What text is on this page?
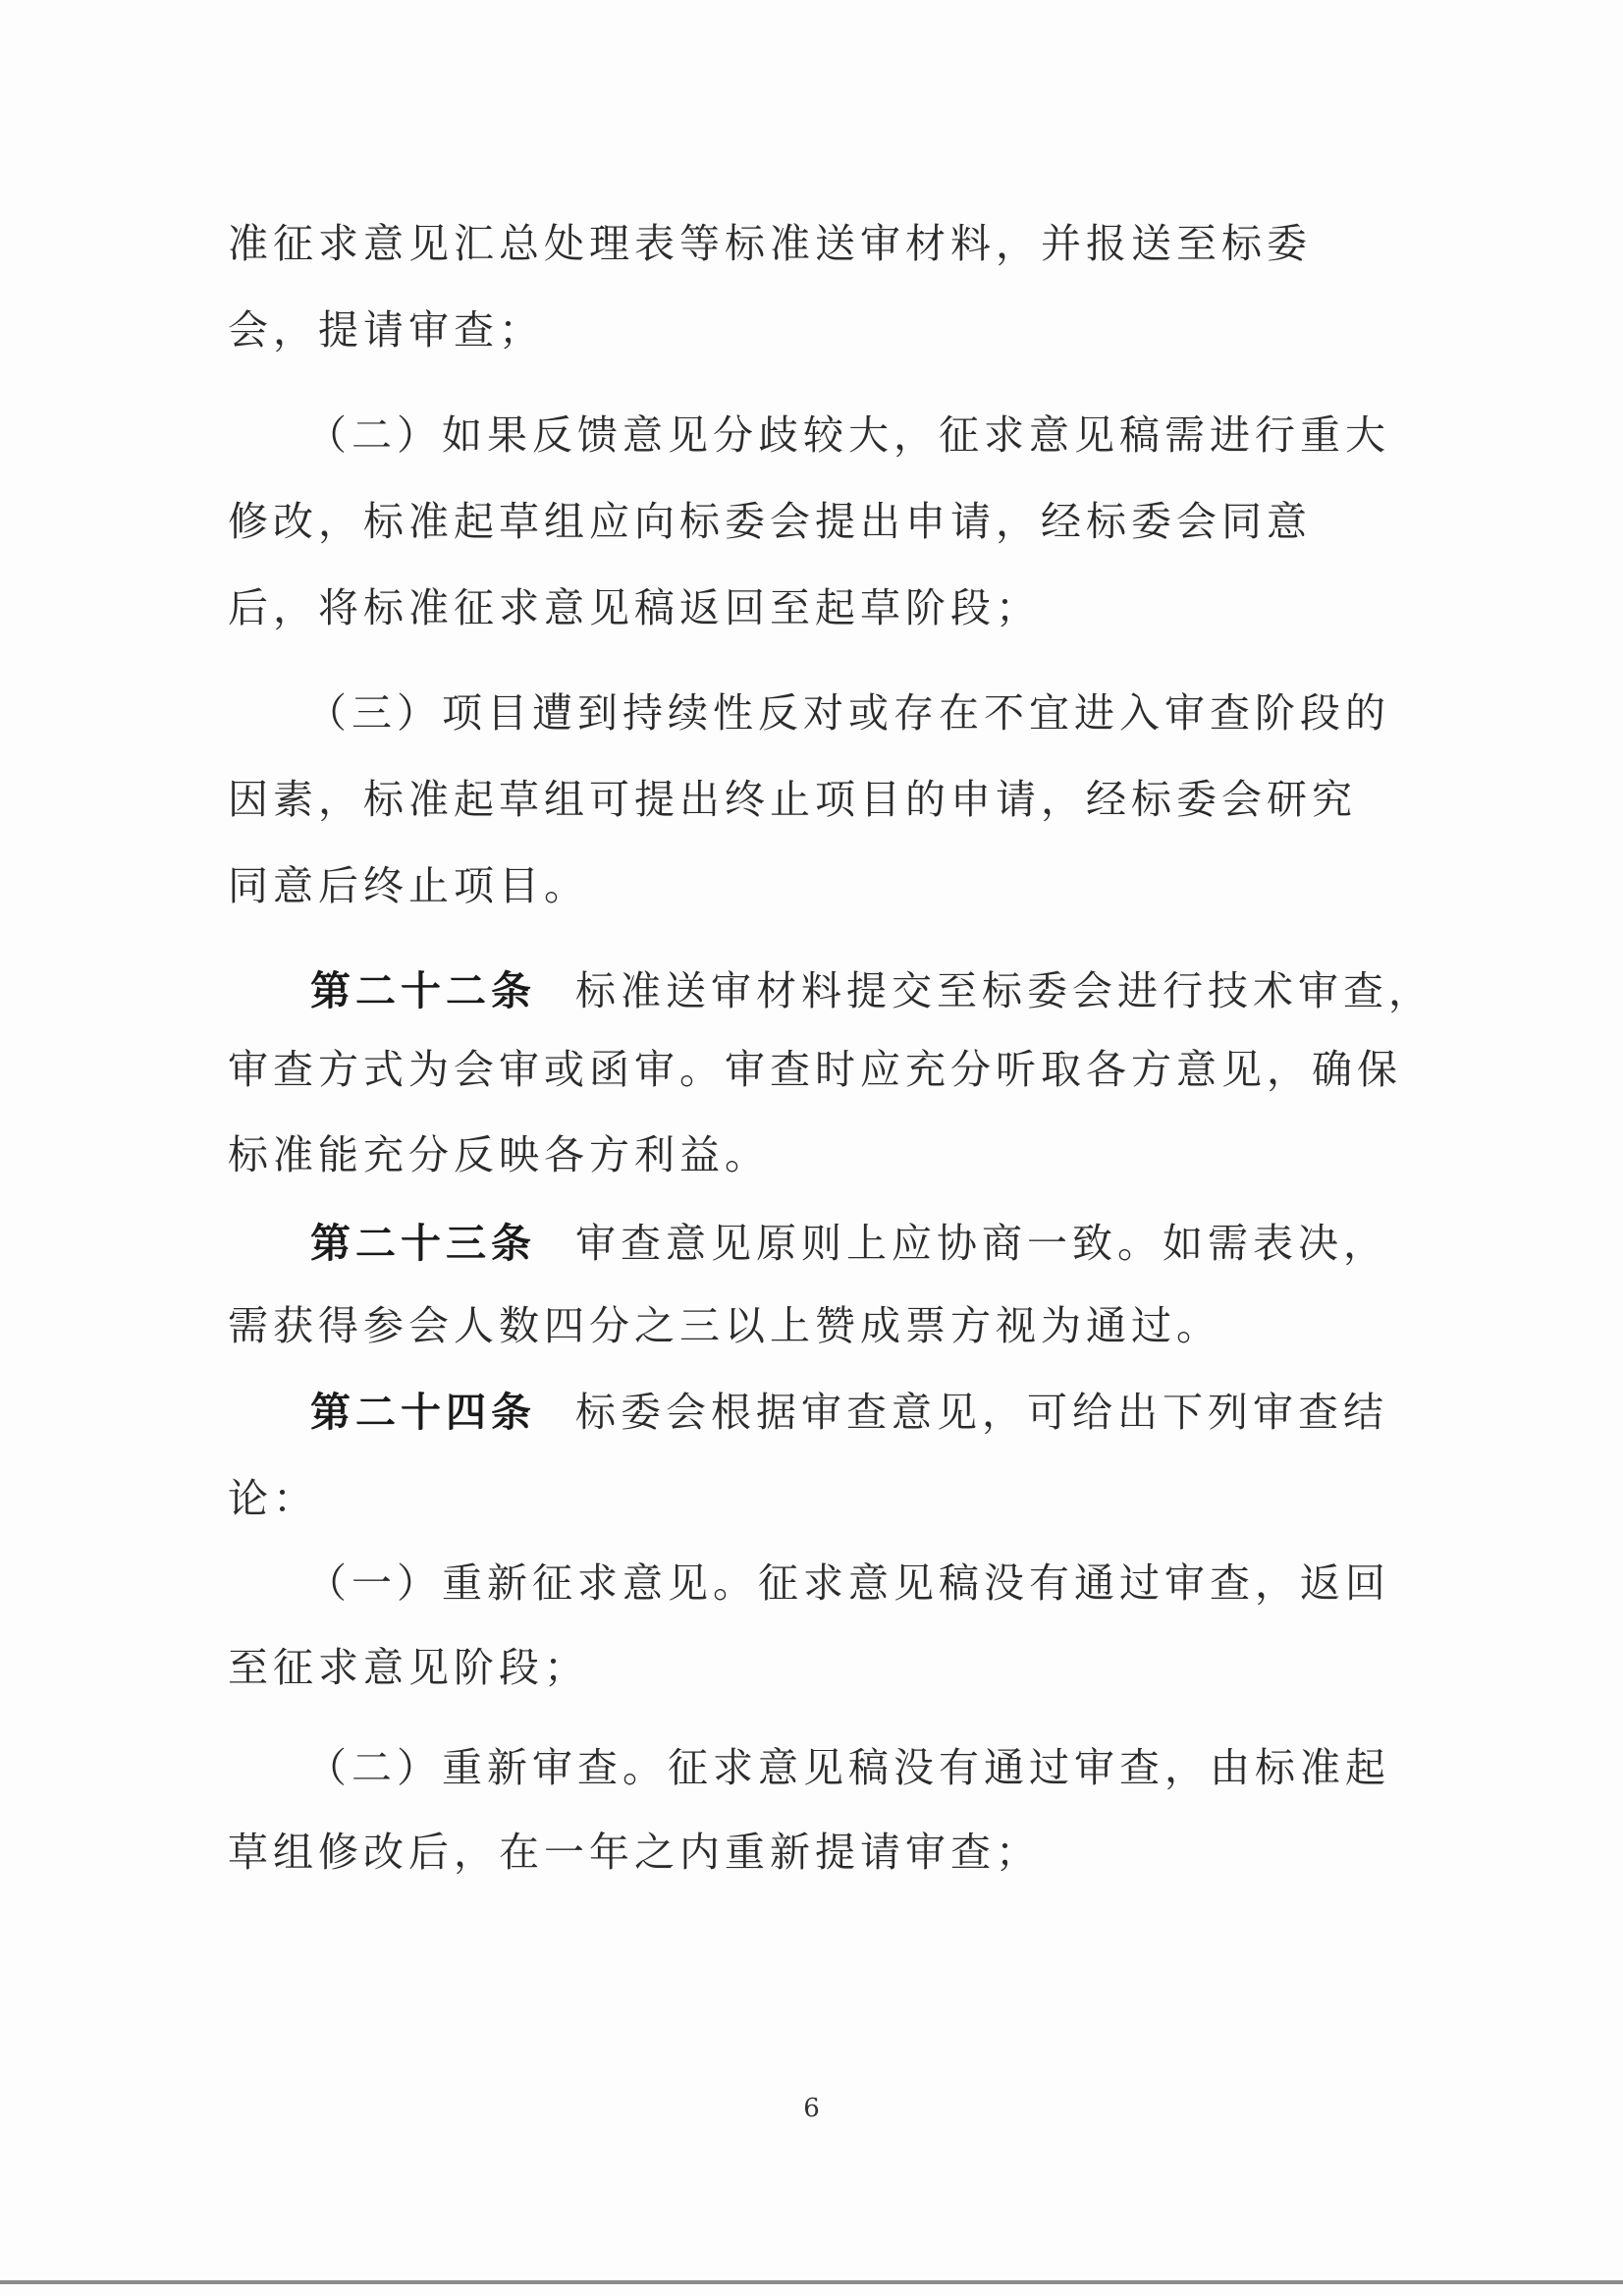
准征求意见汇总处理表等标准送审材料，并报送至标委
会，提请审查；
（二）如果反馈意见分歧较大，征求意见稿需进行重大
修改，标准起草组应向标委会提出申请，经标委会同意
后，将标准征求意见稿返回至起草阶段；
（三）项目遭到持续性反对或存在不宜进入审查阶段的
因素，标准起草组可提出终止项目的申请，经标委会研究
同意后终止项目。
第二十二条 标准送审材料提交至标委会进行技术审查，
审查方式为会审或函审。审查时应充分听取各方意见，确保
标准能充分反映各方利益。
第二十三条 审查意见原则上应协商一致。如需表决，
需获得参会人数四分之三以上赞成票方视为通过。
第二十四条 标委会根据审查意见，可给出下列审查结
论：
（一）重新征求意见。征求意见稿没有通过审查，返回
至征求意见阶段；
（二）重新审查。征求意见稿没有通过审查，由标准起
草组修改后，在一年之内重新提请审查；
6
